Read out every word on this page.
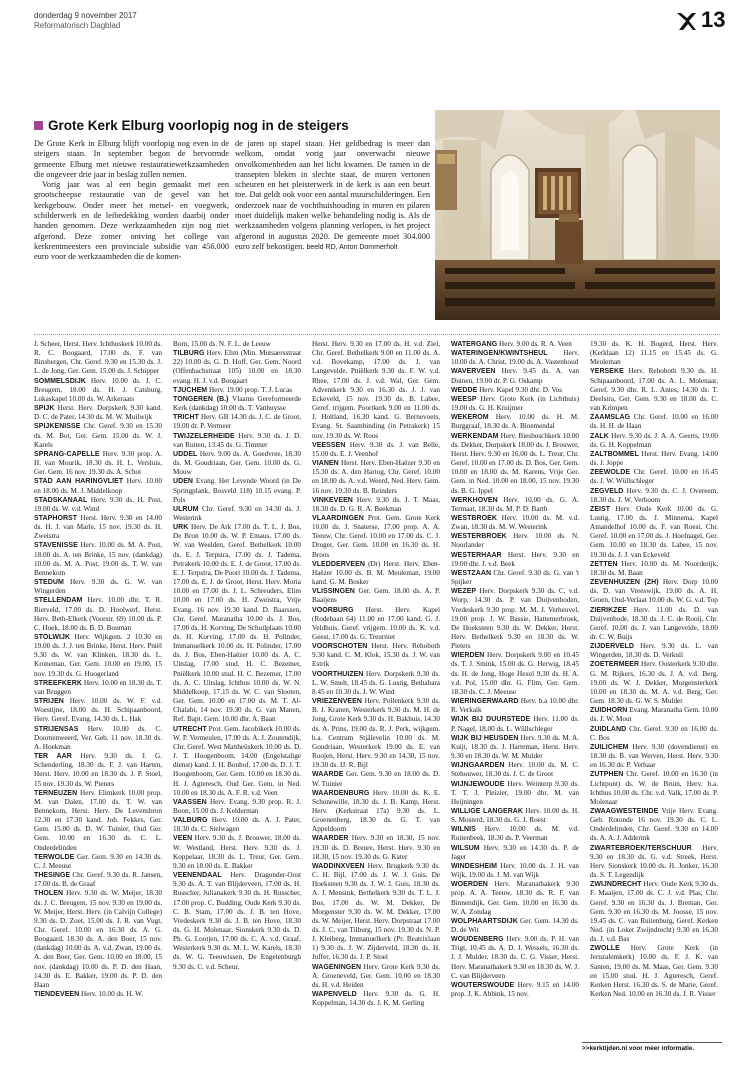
donderdag 9 november 2017
Reformatorisch Dagblad	13
Grote Kerk Elburg voorlopig nog in de steigers

De Grote Kerk in Elburg blijft voorlopig nog even in de steigers staan. In september begon de hervormde gemeente Elburg met nieuwe restauratiewerkzaamheden die ongeveer drie jaar in beslag zullen nemen.

Vorig jaar was al een begin gemaakt met een grootscheepse restauratie van de gevel van het kerkgebouw. Onder meer het metsel- en voegwerk, schilderwerk en de leibedekking worden daarbij onder handen genomen. Deze werkzaamheden zijn nog niet afgerond. Deze zomer ontving het college van kerkrentmeesters een provinciale subsidie van 456.000 euro voor de werkzaamheden die de komen-

de jaren op stapel staan. Het geldbedrag is meer dan welkom, omdat vorig jaar onverwacht nieuwe onvolkomenheden aan het licht kwamen. De ramen in de transepten bleken in slechte staat, de muren vertonen scheuren en het pleisterwerk in de kerk is aan een beurt toe. Dat geldt ook voor een aantal muurschilderingen. Een onderzoek naar de vochthuishouding in muren en pilaren moet duidelijk maken welke behandeling nodig is. Als de werkzaamheden volgens planning verlopen, is het project afgerond in augustus 2020. De gemeente moet 304.000 euro zelf bekostigen. beeld RD, Anton Dommerholt

J. Scheer, Herst. Herv. Ichthuskerk 10.00 ds. R. C. Boogaard, 17.00 ds. F. van Binsbergen, Chr. Geref. 9.30 en 15.30 ds. J. L. de Jong, Ger. Gem. 15.00 ds. J. Schipper

SOMMELSDIJK Herv. 10.00 ds. J. C. Breugem, 18.00 ds. H. J. Catsburg, Lukaskapel 10.00 ds. W. Arkeraats

SPIJK Herst. Herv. Dorpskerk 9.30 kand. D. C. de Pater, 14.30 ds. M. W. Muilwijk

SPIJKENISSE Chr. Geref. 9.30 en 15.30 ds. M. Bot, Ger. Gem. 15.00 ds. W. J. Karels

SPRANG-CAPELLE Herv. 9.30 prop. A. H. van Mourik, 18.30 ds. H. L. Versluis, Ger. Gem. 16 nov. 19.30 ds. A. Schot

STAD AAN HARINGVLIET Herv. 10.00 en 18.00 ds. M. J. Middelkoop

STADSKANAAL Herv. 9.30 ds. H. Post, 19.00 ds. W. v.d. Wind

STAPHORST Herst. Herv. 9.30 en 14.00 ds. H. J. van Marle, 15 nov. 19.30 ds. H. Zweistra

STAVENISSE Herv. 10.00 ds. M. A. Post, 18.00 ds. A. ten Brinke, 15 nov. (dankdag) 10.00 ds. M. A. Post, 19.00 ds. T. W. van Bennekom

STEDUM Herv. 9.30 ds. G. W. van Wingerden

STELLENDAM Herv. 10.00 dhr. T. R. Rietveld, 17.00 ds. D. Hoolwerf, Herst. Herv. Beth-Elkerk (Voorstr. 69) 10.00 ds. P. C. Hoek, 18.00 ds. B. D. Bouman

STOLWIJK Herv. Wijkgem. 2 10.30 en 19.00 ds. J. J. ten Brinke, Herst. Herv. Pniël 9.30 ds. W. van Klinken, 18.30 ds. L. Kroneman, Ger. Gem. 10.00 en 19.00, 15 nov. 19.30 ds. G. Hoogerland

STREEFKERK Herv. 10.00 en 18.30 ds. T. van Bruggen

STRIJEN Herv. 10.00 ds. W. F. v.d. Woestijne, 18.00 ds. H. Schipaanboord, Herv. Geref. Evang. 14.30 ds. L. Hak

STRIJENSAS Herv. 10.00 ds. C. Doornenweerd, Ver. Geb. 11 nov. 18.30 ds. A. Hoekman

TER AAR Herv. 9.30 ds. J. G. Schenderling, 18.30 ds. F. J. van Harten, Herst. Herv. 10.00 en 18.30 ds. J. P. Stoel, 15 nov. 19.30 ds. W. Pieters

TERNEUZEN Herv. Elimkerk 10.00 prop. M. van Dalen, 17.00 ds. T. W. van Bennekom, Herst. Herv. De Levensbron 12.30 en 17.30 kand. Joh. Fekkes, Ger. Gem. 15.00 ds. D. W. Tuinier, Oud Ger. Gem. 10.00 en 16.30 ds. C. L. Onderdelinden

TERWOLDE Ger. Gem. 9.30 en 14.30 ds. C. J. Meeuse

THESINGE Chr. Geref. 9.30 ds. R. Jansen, 17.00 ds. B. de Graaf

THOLEN Herv. 9.30 ds. W. Meijer, 18.30 ds. J. C. Breugem, 15 nov. 9.30 en 19.00 ds. W. Meijer, Herst. Herv. (in Calvijn College) 9.30 ds. D. Zoet, 15.00 ds. J. R. van Vugt, Chr. Geref. 10.00 en 16.30 ds. A. G. Boogaard, 18.30 ds. A. den Boer, 15 nov. (dankdag) 10.00 ds. A. v.d. Zwan, 19.00 ds. A. den Boer, Ger. Gem. 10.00 en 18.00, 15 nov. (dankdag) 10.00 ds. P. D. den Haan, 14.30 ds. E. Bakker, 19.00 ds. P. D. den Haan

TIENDEVEEN Herv. 10.00 ds. H. W.

Born, 15.00 ds. N. F. L. de Leeuw

TILBURG Herv. Elim (Min. Mutsaersstraat 22) 10.00 ds. G. D. Hoff, Ger. Gem. Noord (Offenbachstraat 105) 10.00 en 18.30 evang. H. J. v.d. Boogaart

TJUCHEM Herv. 19.00 prop. T. J. Lucas

TONGEREN (B.) Vlaams Gereformeerde Kerk (dankdag) 10.00 ds. T. Vanhuysse

TRICHT Herv. GB 14.30 ds. J. C. de Groot, 19.00 dr. P. Vermeer

TWIJZELERHEIDE Herv. 9.30 ds. J. D. van Ruiten, 13.45 ds. G. Timmer

UDDEL Herv. 9.00 ds. A. Goedvree, 18.30 ds. M. Goudriaan, Ger. Gem. 10.00 ds. G. Mouw

UDEN Evang. Het Levende Woord (in De Springplank, Bosveld 118) 10.15 evang. P. Pols

ULRUM Chr. Geref. 9.30 en 14.30 ds. J. Westerink

URK Herv. De Ark 17.00 ds. T. L. J. Bos, De Bron 10.00 ds. W. P. Emaus, 17.00 ds. W. van Weelden, Geref. Bethelkerk 10.00 ds. E. J. Terpstra, 17.00 ds. J. Tadema, Petrakerk 10.00 ds. E. J. de Groot, 17.00 ds. E. J. Terpstra, De Poort 10.00 ds. J. Tadema, 17.00 ds. E. J. de Groot, Herst. Herv. Moria 10.00 en 17.00 ds. J. L. Schreuders, Elim 10.00 en 17.00 ds. H. Zweistra, Vrije Evang. 16 nov. 19.30 kand. D. Baarssen, Chr. Geref. Maranatha 10.00 ds. J. Bos, 17.00 ds. H. Korving, De Schuilplaats 10.00 ds. H. Korving, 17.00 ds. H. Polinder, Immanuelkerk 10.00 ds. H. Polinder, 17.00 ds. J. Bos, Eben-Haëzer 10.00 ds. A. C. Uitslag, 17.00 stud. H. C. Bezemer, Pniëlkerk 10.00 stud. H. C. Bezemer, 17.00 ds. A. C. Uitslag, Ichthus 10.00 ds. W. N. Middelkoop, 17.15 ds. W. C. van Slooten, Ger. Gem. 10.00 en 17.00 ds. M. T. Al-Chalabi, 14 nov. 19.30 ds. G. van Manen, Ref. Bapt. Gem. 10.00 dhr. A. Baan

UTRECHT Prot. Gem. Jacobikerk 10.00 ds. W. P. Vermeulen, 17.00 ds. A. J. Zoutendijk, Chr. Geref. West Mattheüskerk 10.00 ds. D. J. T. Hoogenboom, 14.00 (Engelstalige dienst) kand. J. H. Bonhof, 17.00 ds. D. J. T. Hoogenboom, Ger. Gem. 10.00 en 18.30 ds. H. J. Agteresch, Oud Ger. Gem. in Ned. 10.00 en 18.30 ds. A. F. R. v.d. Veen

VAASSEN Herv. Evang. 9.30 prop. R. J. Boon, 15.00 ds. J. Kelderman

VALBURG Herv. 10.00 ds. A. J. Pater, 18.30 ds. C. Stelwagen

VEEN Herv. 9.30 ds. J. Brouwer, 18.00 ds. W. Westland, Herst. Herv. 9.30 ds. J. Koppelaar, 18.30 ds. L. Treur, Ger. Gem. 9.30 en 18.00 ds. E. Bakker

VEENENDAAL Herv. Dragonder-Oost 9.30 ds. A. T. van Blijderveen, 17.00 ds. H. Russcher, Julianakerk 9.30 ds. H. Russcher, 17.00 prop. C. Budding, Oude Kerk 9.30 ds. C. B. Stam, 17.00 ds. J. B. ten Hove, Vredeskerk 9.30 ds. J. B. ten Hove, 18.30 ds. G. H. Molenaar, Sionskerk 9.30 ds. D. Ph. G. Lootjen, 17.00 ds. C. A. v.d. Graaf, Westerkerk 9.30 ds. M. L. W. Karels, 18.30 ds. W. G. Teeuwissen, De Engelenburgh 9.30 ds. C. v.d. Scheur,

Herst. Herv. 9.30 en 17.00 ds. H. v.d. Ziel, Chr. Geref. Bethelkerk 9.00 en 11.00 ds. A. v.d. Bovekamp, 17.00 ds. J. van Langevelde, Pniëlkerk 9.30 ds. F. W. v.d. Rhee, 17.00 ds. J. v.d. Wal, Ger. Gem. Adventkerk 9.30 en 16.30 ds. J. J. van Eckeveld, 15 nov. 19.30 ds. B. Labee, Geref. trijgem. Poortkerk 9.00 en 11.00 ds. J. Holtland, 16.30 kand. G. Bernevoets, Evang. St. Saambinding (in Petrakerk) 15 nov. 19.30 ds. W. Roos

VEESSEN Herv. 9.30 ds. J. van Belle, 15.00 ds. E. J. Veenhof

VIANEN Herst. Herv. Eben-Haëzer 9.30 en 15.30 ds. A. den Hartog, Chr. Geref. 10.00 en 18.00 ds. A. v.d. Weerd, Ned. Herv. Gem. 16 nov. 19.30 ds. B. Reinders

VINKEVEEN Herv. 9.30 ds. J. T. Maas, 18.30 ds. D. G. R. A. Beekman

VLAARDINGEN Prot. Gem. Grote Kerk 10.00 ds. J. Snaterse, 17.00 prop. A. A. Teeuw, Chr. Geref. 10.00 en 17.00 ds. C. J. Droger, Ger. Gem. 10.00 en 16.30 ds. H. Broos

VLEDDERVEEN (Dr) Herst. Herv. Eben-Haëzer 10.00 ds. B. M. Meuleman, 19.00 kand. G. M. Bosker

VLISSINGEN Ger. Gem. 18.00 ds. A. P. Baaijens

VOORBURG Herst. Herv. Kapel (Rodebaan 64) 11.00 en 17.00 kand. G. J. Veldhuis, Geref. vrijgem. 10.00 ds. K. v.d. Geest, 17.00 ds. G. Treurniet

VOORSCHOTEN Herst. Herv. Rehoboth 9.30 kand. C. M. Klok, 15.30 ds. J. W. van Estrik

VOORTHUIZEN Herv. Dorpskerk 9.30 ds. L. W. Smelt, 18.45 ds. G. Lustig, Bethabara 8.45 en 10.30 ds. J. W. Wind

VRIEZENVEEN Herv. Pollenkerk 9.30 ds. B. J. Kranen, Westerkerk 9.30 ds. M. H. de Jong, Grote Kerk 9.30 ds. H. Bakhuis, 14.30 ds. A. Prins, 19.00 ds. R. J. Perk, wijkgem. b.a. Centrum Stjälevelin 10.00 ds. M. Goudriaan, Westerkerk 19.00 ds. E. van Roojen, Herst. Herv. 9.30 en 14.30, 15 nov. 19.30 ds. IJ. R. Bijl

WAARDE Ger. Gem. 9.30 en 18.00 ds. D. W. Tuinier

WAARDENBURG Herv. 10.00 ds. K. E. Schonewille, 18.30 ds. J. B. Kamp, Herst. Herv. (Kerkstraat 17a) 9.30 ds. L. Groenenberg, 18.30 ds. G. T. van Appeldoorn

WAARDER Herv. 9.30 en 18.30, 15 nov. 19.30 ds. D. Breure, Herst. Herv. 9.30 en 18.30, 15 nov. 19.30 ds. G. Kater

WADDINXVEEN Herv. Brugkerk 9.30 ds. C. H. Bijl, 17.00 ds. J. W. J. Guis, De Hoeksteen 9.30 ds. J. W. J. Guis, 18.30 ds. A. J. Mensink, Bethelkerk 9.30 ds. T. L. J. Bos, 17.00 ds. W. M. Dekker, De Morgenster 9.30 ds. W. M. Dekker, 17.00 ds. W. Meijer, Herst. Herv. Dorpstraat 17.00 ds. J. C. van Tilburg, 15 nov. 19.30 ds. N. P. J. Kleiberg, Immanuelkerk (Pr. Beatrixlaan 1) 9.30 ds. J. W. Zijderveld, 18.30 ds. H. Juffer, 16.30 ds. J. P. Stoel

WAGENINGEN Herv. Grote Kerk 9.30 ds. A. Groeneveld, Ger. Gem. 10.00 en 18.30 ds. H. v.d. Heiden

WAPENVELD Herv. 9.30 ds. G. H. Koppelman, 14.30 ds. J. K. M. Gerling

WATERGANG Herv. 9.00 ds. R. A. Veen

WATERINGEN/KWINTSHEUL Herv. 10.00 ds. A. Christ, 19.00 ds. A. Vastenhoud

WAVERVEEN Herv. 9.45 ds. A. van Duinen, 19.00 dr. P. G. Oskamp

WEDDE Herv. Kapel 9.30 dhr. D. Vos

WEESP Herv. Grote Kerk (in Lichthuis) 19.00 ds. G. H. Kruijmer

WEKEROM Herv. 10.00 ds. H. M. Burggraaf, 18.30 ds. A. Bloemendal

WERKENDAM Herv. Biesboschkerk 10.00 ds. Dekker, Dorpskerk 18.00 ds. J. Brouwer, Herst. Herv. 9.30 en 16.00 ds. L. Treur, Chr. Geref. 10.00 en 17.00 ds. D. Bos, Ger. Gem. 10.00 en 18.00 ds. M. Karens, Vrije Ger. Gem. in Ned. 10.00 en 18.00, 15 nov. 19.30 ds. B. G. Ippel

WERKHOVEN Herv. 10.00 ds. G. A. Termaat, 18.30 ds. M. P. D. Barth

WESTBROEK Herv. 10.00 ds. M. v.d. Zwan, 18.30 ds. M. W. Westerink

WESTERBROEK Herv. 10.00 ds. N. Noorlander

WESTERHAAR Herst. Herv. 9.30 en 19.00 dhr. J. v.d. Beek

WESTZAAN Chr. Geref. 9.30 ds. G. van 't Spijker

WEZEP Herv. Dorpskerk 9.30 ds. C. v.d. Worp, 14.30 ds. P. van Duijvenboden, Vredeskerk 9.30 prop. M. M. J. Verheuvel, 19.00 prop. J. W. Bassie, Hattemerbroek, De Hoeksteen 9.30 ds. W. Dekker, Herst. Herv. Bethelkerk 9.30 en 18.30 ds. W. Pieters

WIERDEN Herv. Dorpskerk 9.00 en 10.45 ds. T. J. Smink, 15.00 ds. G. Herwig, 18.45 ds. H. de Jong, Hoge Hexel 9.30 ds. H. A. v.d. Pol, 15.00 dhr. G. Flim, Ger. Gem. 18.30 ds. C. J. Meeuse

WIERINGERWAARD Herv. b.a 10.00 dhr. R. Verkaik

WIJK BIJ DUURSTEDE Herv. 11.00 ds. P. Nagel, 18.00 ds. L. Wüllschleger

WIJK BIJ HEUSDEN Herv. 9.30 ds. M. A. Kuijt, 18.30 ds. J. Harteman, Herst. Herv. 9.30 en 18.30 ds. W. M. Mulder

WIJNGAARDEN Herv. 10.00 ds. M. C. Stehouwer, 18.30 ds. J. C. de Groot

WIJNJEWOUDE Herv. Weinterp 9.30 ds. T. T. J. Pleizier, 19.00 dhr. M. van Heijningen

WILLIGE LANGERAK Herv. 10.00 ds. H. S. Mosterd, 18.30 ds. G. J. Roest

WILNIS Herv. 10.00 ds. M. v.d. Ruitenbeek, 18.30 ds. P. Veerman

WILSUM Herv. 9.30 en 14.30 ds. P. de Jager

WINDESHEIM Herv. 10.00 ds. J. H. van Wijk, 19.00 ds. J. M. van Wijk

WOERDEN Herv. Maranathakerk 9.30 prop. A. A. Teeuw, 18.30 ds. R. F. van Binnendijk, Ger. Gem. 10.00 en 16.30 ds. W. A. Zondag

WOLPHAARTSDIJK Ger. Gem. 14.30 ds. D. de Wit

WOUDENBERG Herv. 9.00 ds. P. H. van Trigt, 10.45 ds. A. D. J. Wessels, 16.30 ds. J. J. Mulder, 18.30 ds. C. G. Visser, Herst. Herv. Maranathakerk 9.30 en 18.30 ds. W. J. C. van Blijderveen

WOUTERSWOUDE Herv. 9.15 en 14.00 prop. J. K. Abbink, 15 nov.

19.30 ds. K. H. Bogerd, Herst. Herv. (Kerklaan 12) 11.15 en 15.45 ds. G. Meuleman

YERSEKE Herv. Rehoboth 9.30 ds. H. Schipaanboord, 17.00 ds. A. L. Molenaar, Geref. 9.30 dhr. R. L. Antes, 14.30 ds. T. Deelstra, Ger. Gem. 9.30 en 18.00 ds. C. van Krimpen

ZAAMSLAG Chr. Geref. 10.00 en 16.00 ds. H. H. de Haan

ZALK Herv. 9.30 ds. J. A. A. Geerts, 19.00 ds. G. H. Koppelman

ZALTBOMMEL Herst. Herv. Evang. 14.00 ds. J. Joppe

ZEEWOLDE Chr. Geref. 10.00 en 16.45 ds. J. W. Wüllschleger

ZEGVELD Herv. 9.30 ds. C. J. Overeem, 18.30 ds. J. W. Verboom

ZEIST Herv. Oude Kerk 10.00 ds. G. Lustig, 17.00 ds. J. Minnema, Kapel Amandelhof 10.00 ds. F. van Roest, Chr. Geref. 10.00 en 17.00 ds. J. Hoefnagel, Ger. Gem. 10.00 en 18.30 ds. Labee, 15 nov. 19.30 ds. J. J. van Eckeveld

ZETTEN Herv. 10.00 ds. M. Noorderijk, 18.30 ds. M. Baan

ZEVENHUIZEN (ZH) Herv. Dorp 10.00 ds. D. van Vreeswijk, 19.00 ds. A. H. Groen, Oud-Verlaat 10.00 ds. W. G. v.d. Top

ZIERIKZEE Herv. 11.00 ds. D. van Duijvenbode, 18.30 ds. J. C. de Rooij, Chr. Geref. 10.00 ds. J. van Langevelde, 18.00 dr. C. W. Buijs

ZIJDERVELD Herv. 9.30 ds. L. van Wingerden, 18.30 ds. D. Verkuil

ZOETERMEER Herv. Oosterkerk 9.30 dhr. G. M. Rijkers, 16.30 ds. J. A. v.d. Berg, 19.00 ds. W. J. Dekker, Morgensterkerk 10.00 en 18.30 ds. M. A. v.d. Berg, Ger. Gem. 18.30 ds. G. W. S. Mulder

ZUIDHORN Evang. Maranatha Gem. 10.00 ds. J. W. Mout

ZUIDLAND Chr. Geref. 9.30 en 16.00 ds. C. Bos

ZUILICHEM Herv. 9.30 (dovendienst) en 18.30 ds. B. van Werven, Herst. Herv. 9.30 en 16.30 ds. P. Verhaar

ZUTPHEN Chr. Geref. 10.00 en 16.30 (in Lichtpunt) ds. W. de Bruin, Herv. b.a. Ichthus 10.00 ds. Chr. v.d. Valk, 17.00 ds. P. Molenaar

ZWAAGWESTEINDE Vrije Herv. Evang. Geb. Rotonde 16 nov. 19.30 ds. C. L. Onderdelinden, Chr. Geref. 9.30 en 14.00 ds. A. A. J. Adderink

ZWARTEBROEK/TERSCHUUR Herv. 9.30 en 18.30 ds. G. v.d. Streek, Herst. Herv. Sionskerk 10.00 ds. H. Jonker, 16.30 ds. S. T. Legendijk

ZWIJNDRECHT Herv. Oude Kerk 9.30 ds. F. Maaijen, 17.00 ds. C. J. v.d. Plas, Chr. Geref. 9.30 en 16.30 ds. J. Breman, Ger. Gem. 9.30 en 16.30 ds. M. Joosse, 15 nov. 19.45 ds. C. van Ruitenburg, Geref. Kerken Ned. (in Loket Zwijndrecht) 9.30 en 16.30 ds. J. v.d. Bas

ZWOLLE Herv. Grote Kerk (in Jeruzalemkerk) 10.00 ds. F. J. K. van Santen, 19.00 ds. M. Maas, Ger. Gem. 9.30 en 15.00 stud. H. J. Agteresch, Geref. Kerken Herst. 16.30 ds. S. de Marie, Geref. Kerken Ned. 10.00 en 16.30 ds. J. R. Visser

>>kerktijden.nl voor meer informatie.
